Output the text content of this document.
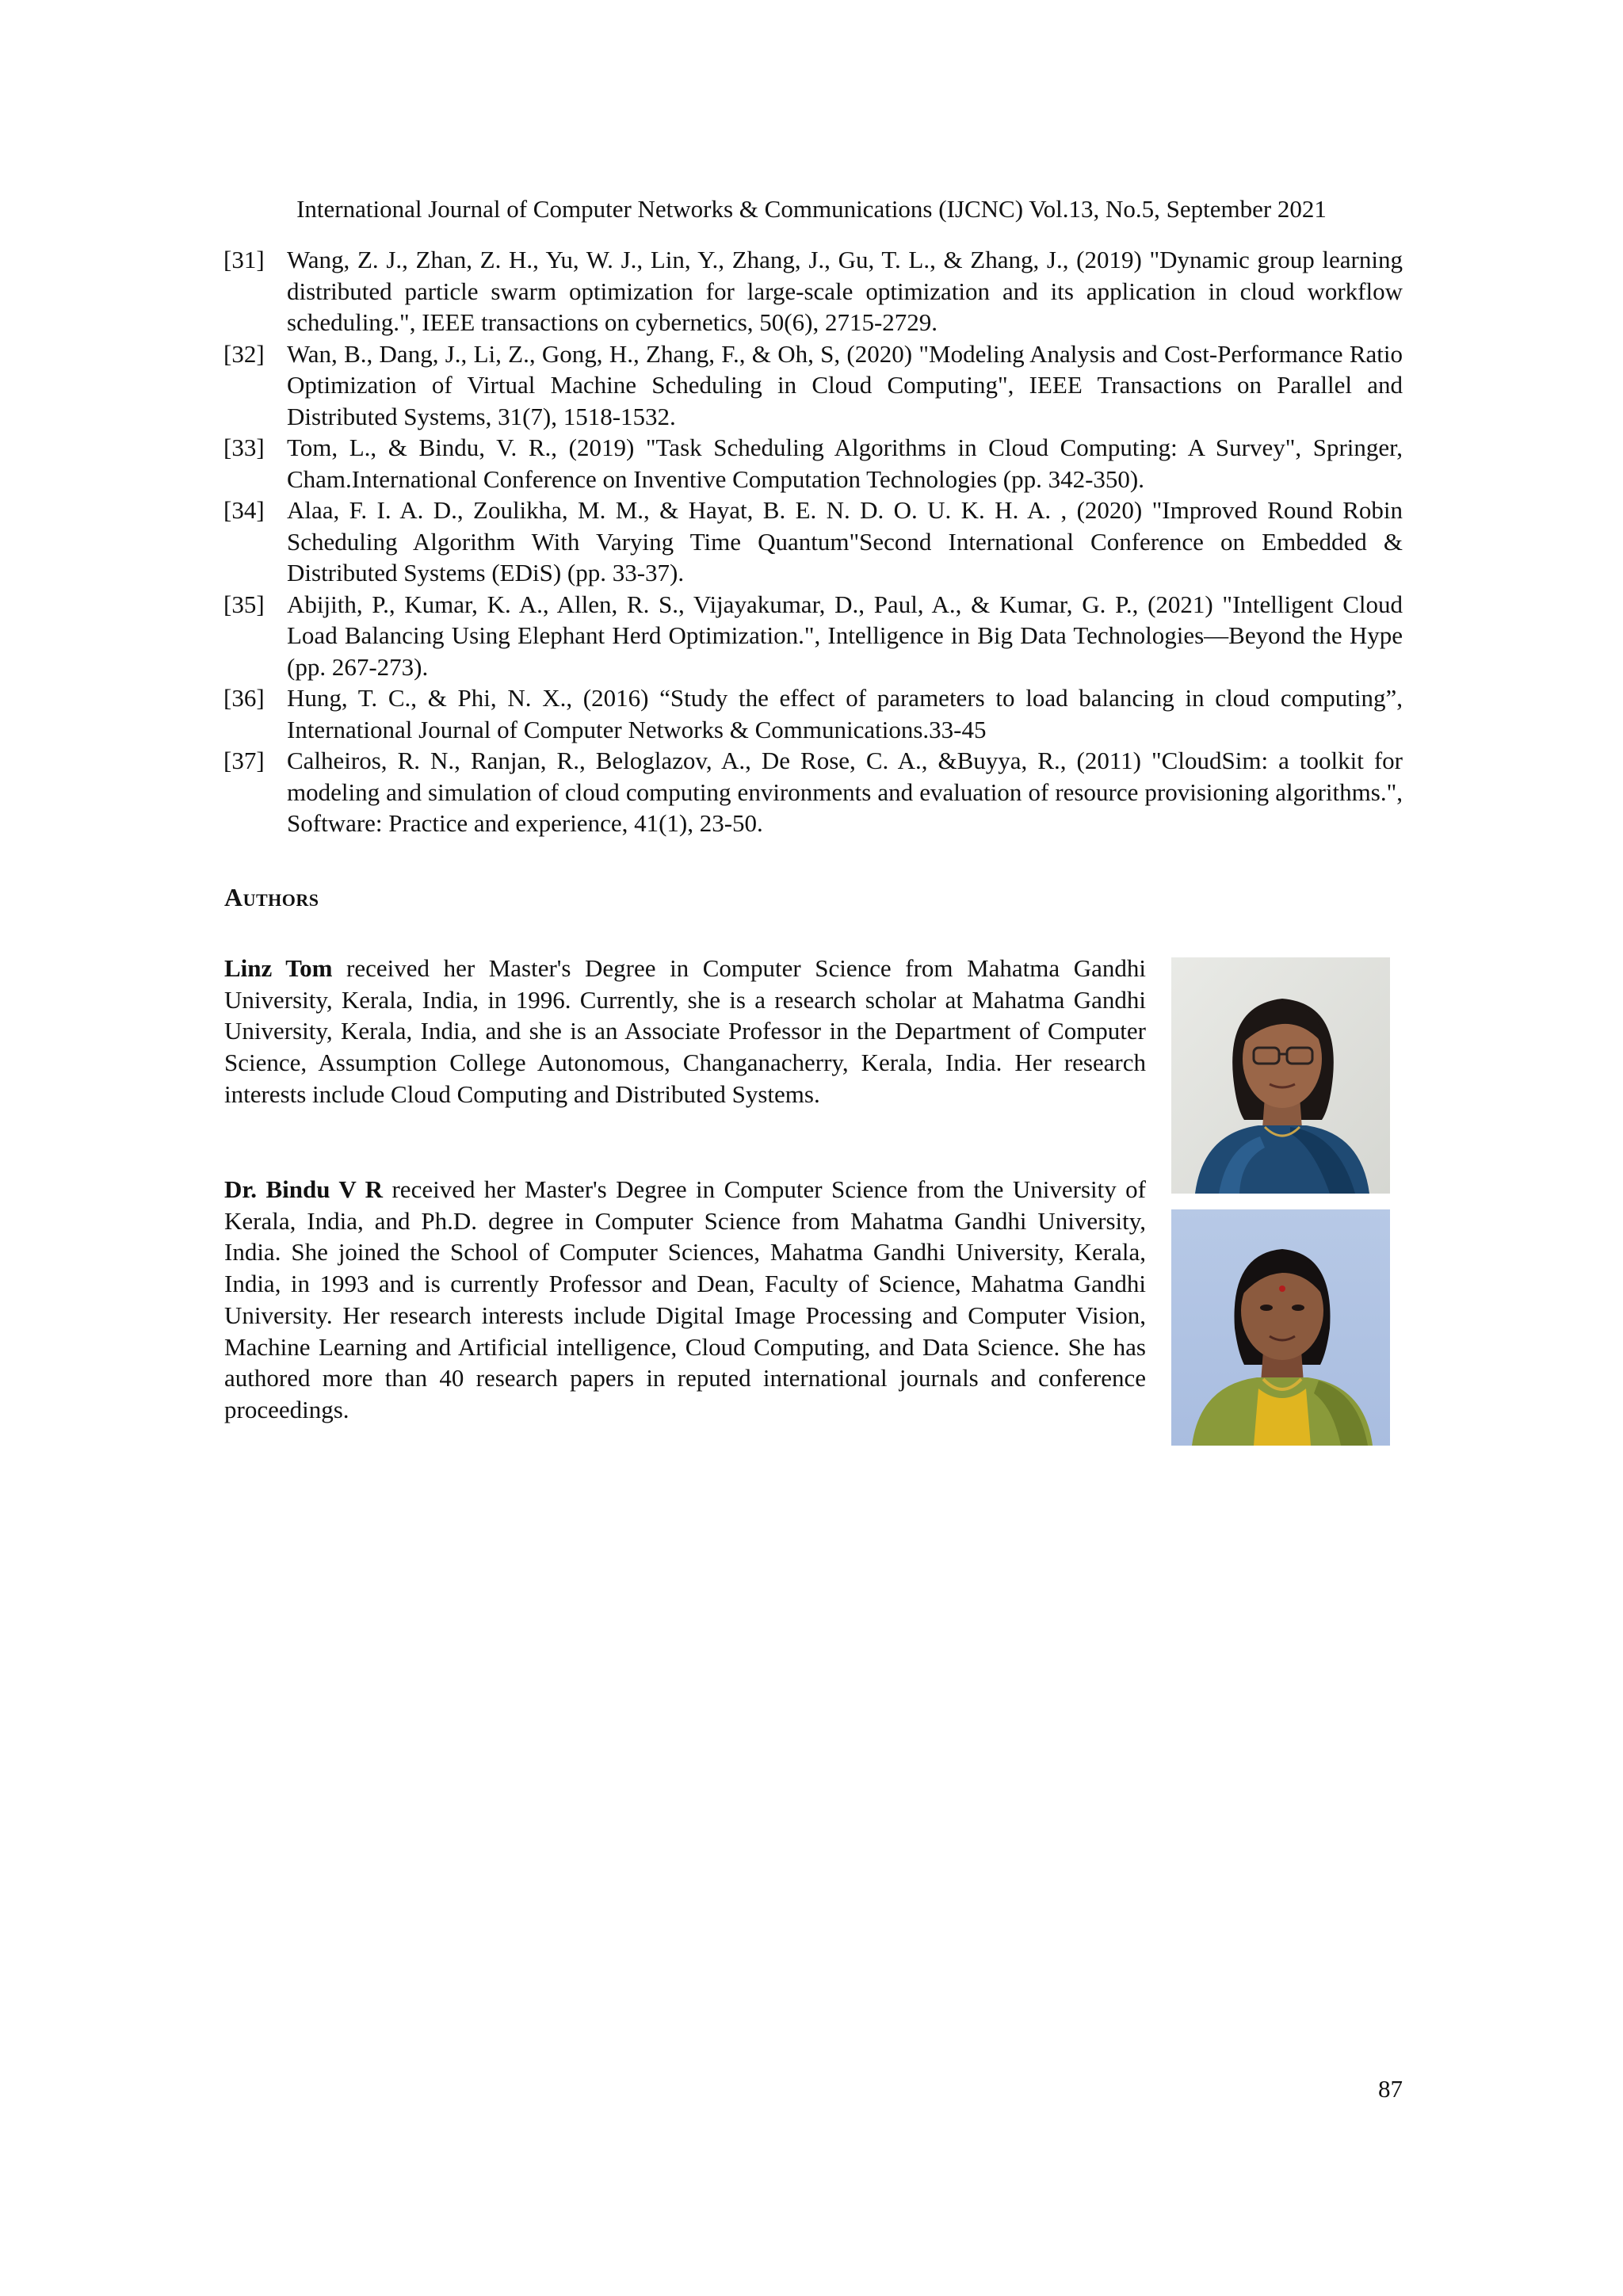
International Journal of Computer Networks & Communications (IJCNC) Vol.13, No.5, September 2021
[31] Wang, Z. J., Zhan, Z. H., Yu, W. J., Lin, Y., Zhang, J., Gu, T. L., & Zhang, J., (2019) "Dynamic group learning distributed particle swarm optimization for large-scale optimization and its application in cloud workflow scheduling.", IEEE transactions on cybernetics, 50(6), 2715-2729.
[32] Wan, B., Dang, J., Li, Z., Gong, H., Zhang, F., & Oh, S, (2020) "Modeling Analysis and Cost-Performance Ratio Optimization of Virtual Machine Scheduling in Cloud Computing", IEEE Transactions on Parallel and Distributed Systems, 31(7), 1518-1532.
[33] Tom, L., & Bindu, V. R., (2019) "Task Scheduling Algorithms in Cloud Computing: A Survey", Springer, Cham.International Conference on Inventive Computation Technologies (pp. 342-350).
[34] Alaa, F. I. A. D., Zoulikha, M. M., & Hayat, B. E. N. D. O. U. K. H. A. , (2020) "Improved Round Robin Scheduling Algorithm With Varying Time Quantum"Second International Conference on Embedded & Distributed Systems (EDiS) (pp. 33-37).
[35] Abijith, P., Kumar, K. A., Allen, R. S., Vijayakumar, D., Paul, A., & Kumar, G. P., (2021) "Intelligent Cloud Load Balancing Using Elephant Herd Optimization.", Intelligence in Big Data Technologies—Beyond the Hype (pp. 267-273).
[36] Hung, T. C., & Phi, N. X., (2016) “Study the effect of parameters to load balancing in cloud computing”, International Journal of Computer Networks & Communications.33-45
[37] Calheiros, R. N., Ranjan, R., Beloglazov, A., De Rose, C. A., &Buyya, R., (2011) "CloudSim: a toolkit for modeling and simulation of cloud computing environments and evaluation of resource provisioning algorithms.", Software: Practice and experience, 41(1), 23-50.
Authors

Linz Tom received her Master's Degree in Computer Science from Mahatma Gandhi University, Kerala, India, in 1996. Currently, she is a research scholar at Mahatma Gandhi University, Kerala, India, and she is an Associate Professor in the Department of Computer Science, Assumption College Autonomous, Changanacherry, Kerala, India. Her research interests include Cloud Computing and Distributed Systems.

Dr. Bindu V R received her Master's Degree in Computer Science from the University of Kerala, India, and Ph.D. degree in Computer Science from Mahatma Gandhi University, India. She joined the School of Computer Sciences, Mahatma Gandhi University, Kerala, India, in 1993 and is currently Professor and Dean, Faculty of Science, Mahatma Gandhi University. Her research interests include Digital Image Processing and Computer Vision, Machine Learning and Artificial intelligence, Cloud Computing, and Data Science. She has authored more than 40 research papers in reputed international journals and conference proceedings.

87
